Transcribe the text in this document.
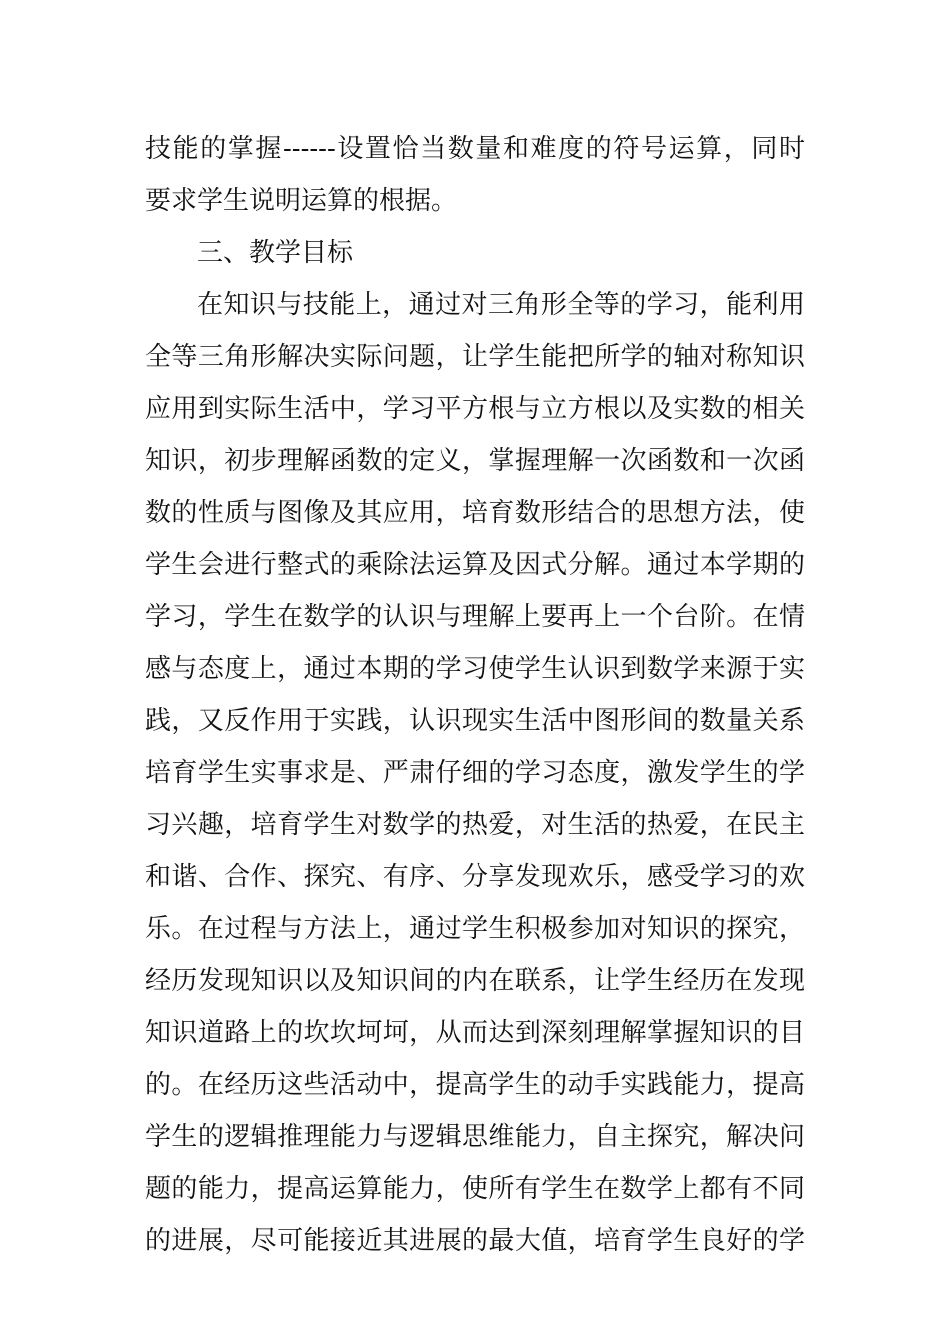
技能的掌握------设置恰当数量和难度的符号运算，同时
要求学生说明运算的根据。
三、教学目标
在知识与技能上，通过对三角形全等的学习，能利用
全等三角形解决实际问题，让学生能把所学的轴对称知识
应用到实际生活中，学习平方根与立方根以及实数的相关
知识，初步理解函数的定义，掌握理解一次函数和一次函
数的性质与图像及其应用，培育数形结合的思想方法，使
学生会进行整式的乘除法运算及因式分解。通过本学期的
学习，学生在数学的认识与理解上要再上一个台阶。在情
感与态度上，通过本期的学习使学生认识到数学来源于实
践，又反作用于实践，认识现实生活中图形间的数量关系
培育学生实事求是、严肃仔细的学习态度，激发学生的学
习兴趣，培育学生对数学的热爱，对生活的热爱，在民主
和谐、合作、探究、有序、分享发现欢乐，感受学习的欢
乐。在过程与方法上，通过学生积极参加对知识的探究，
经历发现知识以及知识间的内在联系，让学生经历在发现
知识道路上的坎坎坷坷，从而达到深刻理解掌握知识的目
的。在经历这些活动中，提高学生的动手实践能力，提高
学生的逻辑推理能力与逻辑思维能力，自主探究，解决问
题的能力，提高运算能力，使所有学生在数学上都有不同
的进展，尽可能接近其进展的最大值，培育学生良好的学
